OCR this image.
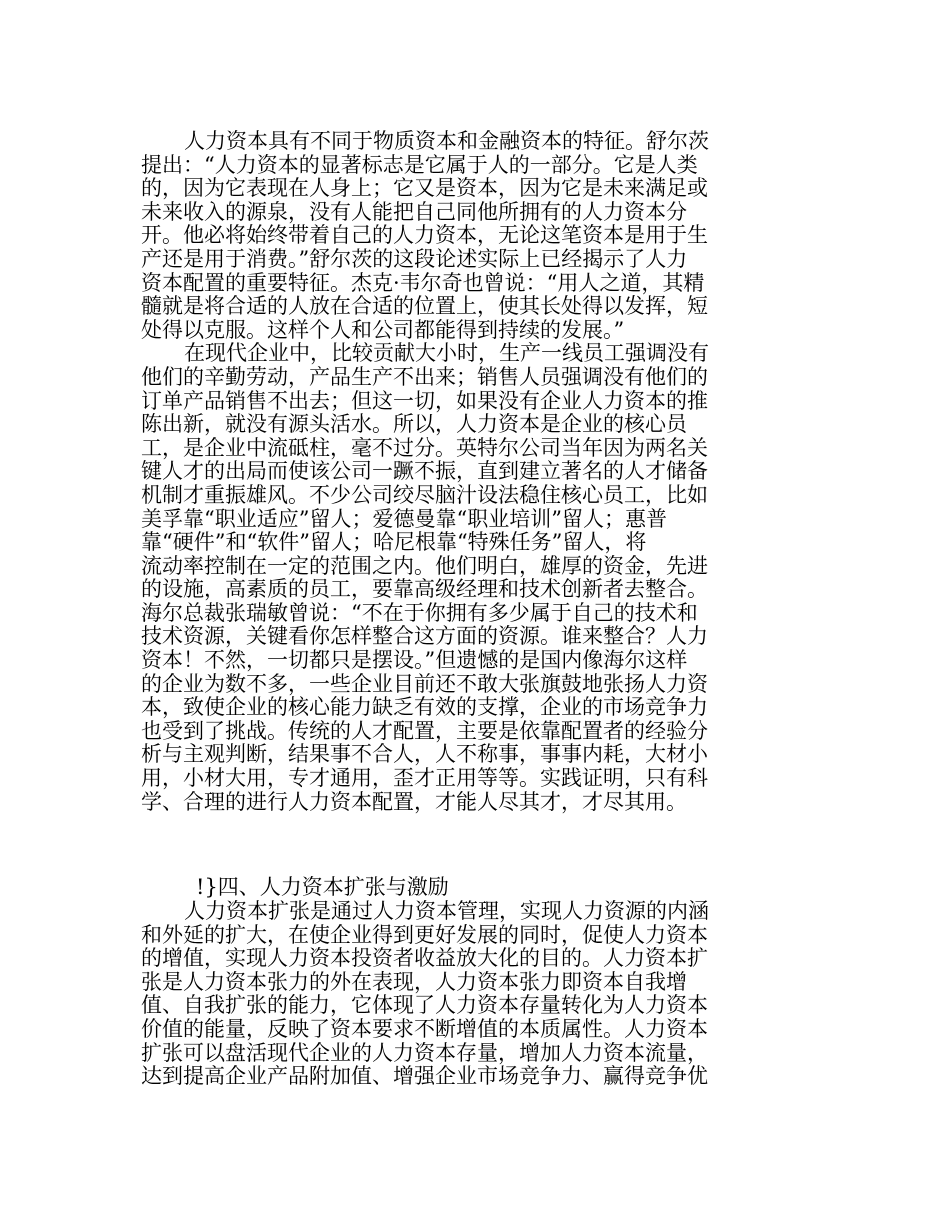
人力资本具有不同于物质资本和金融资本的特征。舒尔茨
提出：“人力资本的显著标志是它属于人的一部分。它是人类
的，因为它表现在人身上；它又是资本，因为它是未来满足或
未来收入的源泉，没有人能把自己同他所拥有的人力资本分
开。他必将始终带着自己的人力资本，无论这笔资本是用于生
产还是用于消费。”舒尔茨的这段论述实际上已经揭示了人力
资本配置的重要特征。杰克·韦尔奇也曾说：“用人之道，其精
髓就是将合适的人放在合适的位置上，使其长处得以发挥，短
处得以克服。这样个人和公司都能得到持续的发展。”
在现代企业中，比较贡献大小时，生产一线员工强调没有
他们的辛勤劳动，产品生产不出来；销售人员强调没有他们的
订单产品销售不出去；但这一切，如果没有企业人力资本的推
陈出新，就没有源头活水。所以，人力资本是企业的核心员
工，是企业中流砥柱，毫不过分。英特尔公司当年因为两名关
键人才的出局而使该公司一蹶不振，直到建立著名的人才储备
机制才重振雄风。不少公司绞尽脑汁设法稳住核心员工，比如
美孚靠“职业适应”留人；爱德曼靠“职业培训”留人；惠普
靠“硬件”和“软件”留人；哈尼根靠“特殊任务”留人，将
流动率控制在一定的范围之内。他们明白，雄厚的资金，先进
的设施，高素质的员工，要靠高级经理和技术创新者去整合。
海尔总裁张瑞敏曾说：“不在于你拥有多少属于自己的技术和
技术资源，关键看你怎样整合这方面的资源。谁来整合？人力
资本！不然，一切都只是摆设。”但遗憾的是国内像海尔这样
的企业为数不多，一些企业目前还不敢大张旗鼓地张扬人力资
本，致使企业的核心能力缺乏有效的支撑，企业的市场竞争力
也受到了挑战。传统的人才配置，主要是依靠配置者的经验分
析与主观判断，结果事不合人，人不称事，事事内耗，大材小
用，小材大用，专才通用，歪才正用等等。实践证明，只有科
学、合理的进行人力资本配置，才能人尽其才，才尽其用。
!}四、人力资本扩张与激励
人力资本扩张是通过人力资本管理，实现人力资源的内涵
和外延的扩大，在使企业得到更好发展的同时，促使人力资本
的增值，实现人力资本投资者收益放大化的目的。人力资本扩
张是人力资本张力的外在表现，人力资本张力即资本自我增
值、自我扩张的能力，它体现了人力资本存量转化为人力资本
价值的能量，反映了资本要求不断增值的本质属性。人力资本
扩张可以盘活现代企业的人力资本存量，增加人力资本流量，
达到提高企业产品附加值、增强企业市场竞争力、赢得竞争优
